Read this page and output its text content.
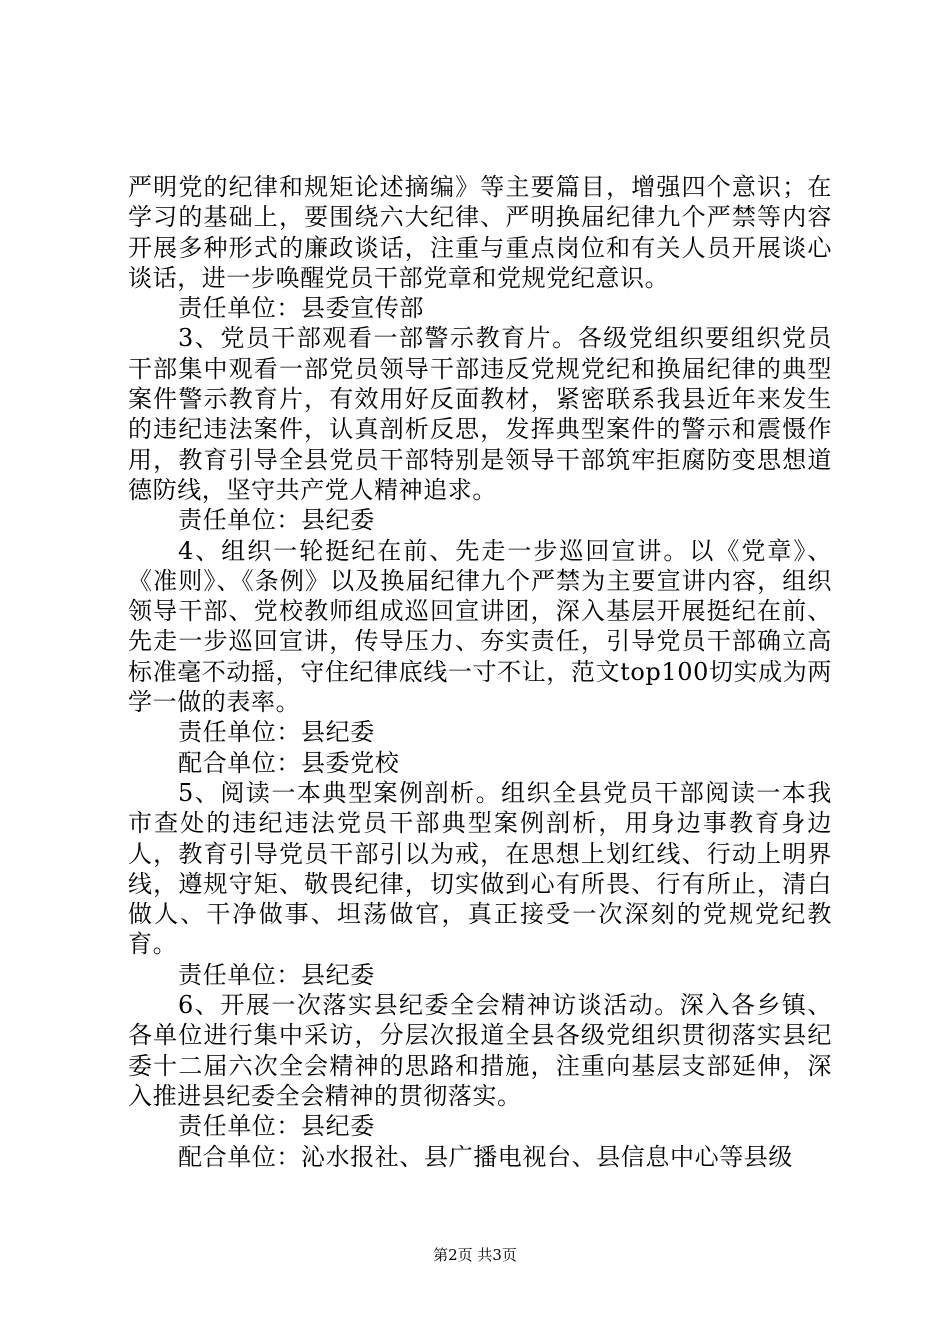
严明党的纪律和规矩论述摘编》等主要篇目，增强四个意识；在学习的基础上，要围绕六大纪律、严明换届纪律九个严禁等内容开展多种形式的廉政谈话，注重与重点岗位和有关人员开展谈心谈话，进一步唤醒党员干部党章和党规党纪意识。

责任单位：县委宣传部

3、党员干部观看一部警示教育片。各级党组织要组织党员干部集中观看一部党员领导干部违反党规党纪和换届纪律的典型案件警示教育片，有效用好反面教材，紧密联系我县近年来发生的违纪违法案件，认真剖析反思，发挥典型案件的警示和震慑作用，教育引导全县党员干部特别是领导干部筑牢拒腐防变思想道德防线，坚守共产党人精神追求。

责任单位：县纪委

4、组织一轮挺纪在前、先走一步巡回宣讲。以《党章》、《准则》、《条例》以及换届纪律九个严禁为主要宣讲内容，组织领导干部、党校教师组成巡回宣讲团，深入基层开展挺纪在前、先走一步巡回宣讲，传导压力、夯实责任，引导党员干部确立高标准毫不动摇，守住纪律底线一寸不让，范文top100切实成为两学一做的表率。

责任单位：县纪委

配合单位：县委党校

5、阅读一本典型案例剖析。组织全县党员干部阅读一本我市查处的违纪违法党员干部典型案例剖析，用身边事教育身边人，教育引导党员干部引以为戒，在思想上划红线、行动上明界线，遵规守矩、敬畏纪律，切实做到心有所畏、行有所止，清白做人、干净做事、坦荡做官，真正接受一次深刻的党规党纪教育。

责任单位：县纪委

6、开展一次落实县纪委全会精神访谈活动。深入各乡镇、各单位进行集中采访，分层次报道全县各级党组织贯彻落实县纪委十二届六次全会精神的思路和措施，注重向基层支部延伸，深入推进县纪委全会精神的贯彻落实。

责任单位：县纪委

配合单位：沁水报社、县广播电视台、县信息中心等县级

第2页 共3页
